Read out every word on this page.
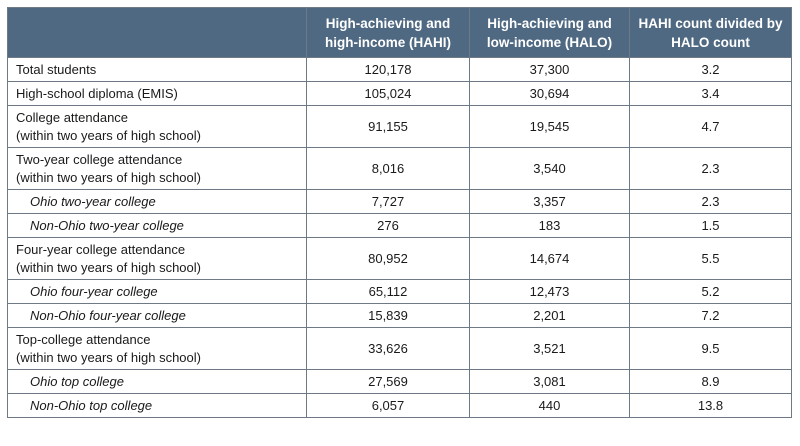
	High-achieving and high-income (HAHI)	High-achieving and low-income (HALO)	HAHI count divided by HALO count
Total students	120,178	37,300	3.2
High-school diploma (EMIS)	105,024	30,694	3.4
College attendance
(within two years of high school)	91,155	19,545	4.7
Two-year college attendance
(within two years of high school)	8,016	3,540	2.3
Ohio two-year college	7,727	3,357	2.3
Non-Ohio two-year college	276	183	1.5
Four-year college attendance
(within two years of high school)	80,952	14,674	5.5
Ohio four-year college	65,112	12,473	5.2
Non-Ohio four-year college	15,839	2,201	7.2
Top-college attendance
(within two years of high school)	33,626	3,521	9.5
Ohio top college	27,569	3,081	8.9
Non-Ohio top college	6,057	440	13.8
